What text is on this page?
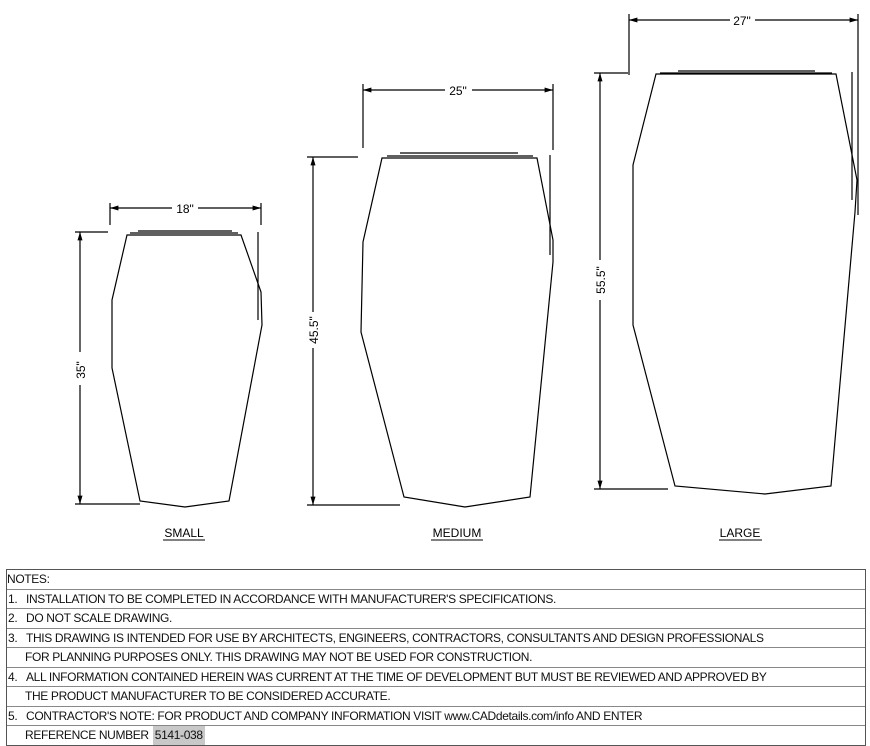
18"
35"
SMALL
25"
45.5"
MEDIUM
27"
55.5"
LARGE
NOTES:
1. INSTALLATION TO BE COMPLETED IN ACCORDANCE WITH MANUFACTURER'S SPECIFICATIONS.
2. DO NOT SCALE DRAWING.
3. THIS DRAWING IS INTENDED FOR USE BY ARCHITECTS, ENGINEERS, CONTRACTORS, CONSULTANTS AND DESIGN PROFESSIONALS
FOR PLANNING PURPOSES ONLY. THIS DRAWING MAY NOT BE USED FOR CONSTRUCTION.
4. ALL INFORMATION CONTAINED HEREIN WAS CURRENT AT THE TIME OF DEVELOPMENT BUT MUST BE REVIEWED AND APPROVED BY
THE PRODUCT MANUFACTURER TO BE CONSIDERED ACCURATE.
5. CONTRACTOR'S NOTE: FOR PRODUCT AND COMPANY INFORMATION VISIT www.CADdetails.com/info AND ENTER
REFERENCE NUMBER 5141-038
